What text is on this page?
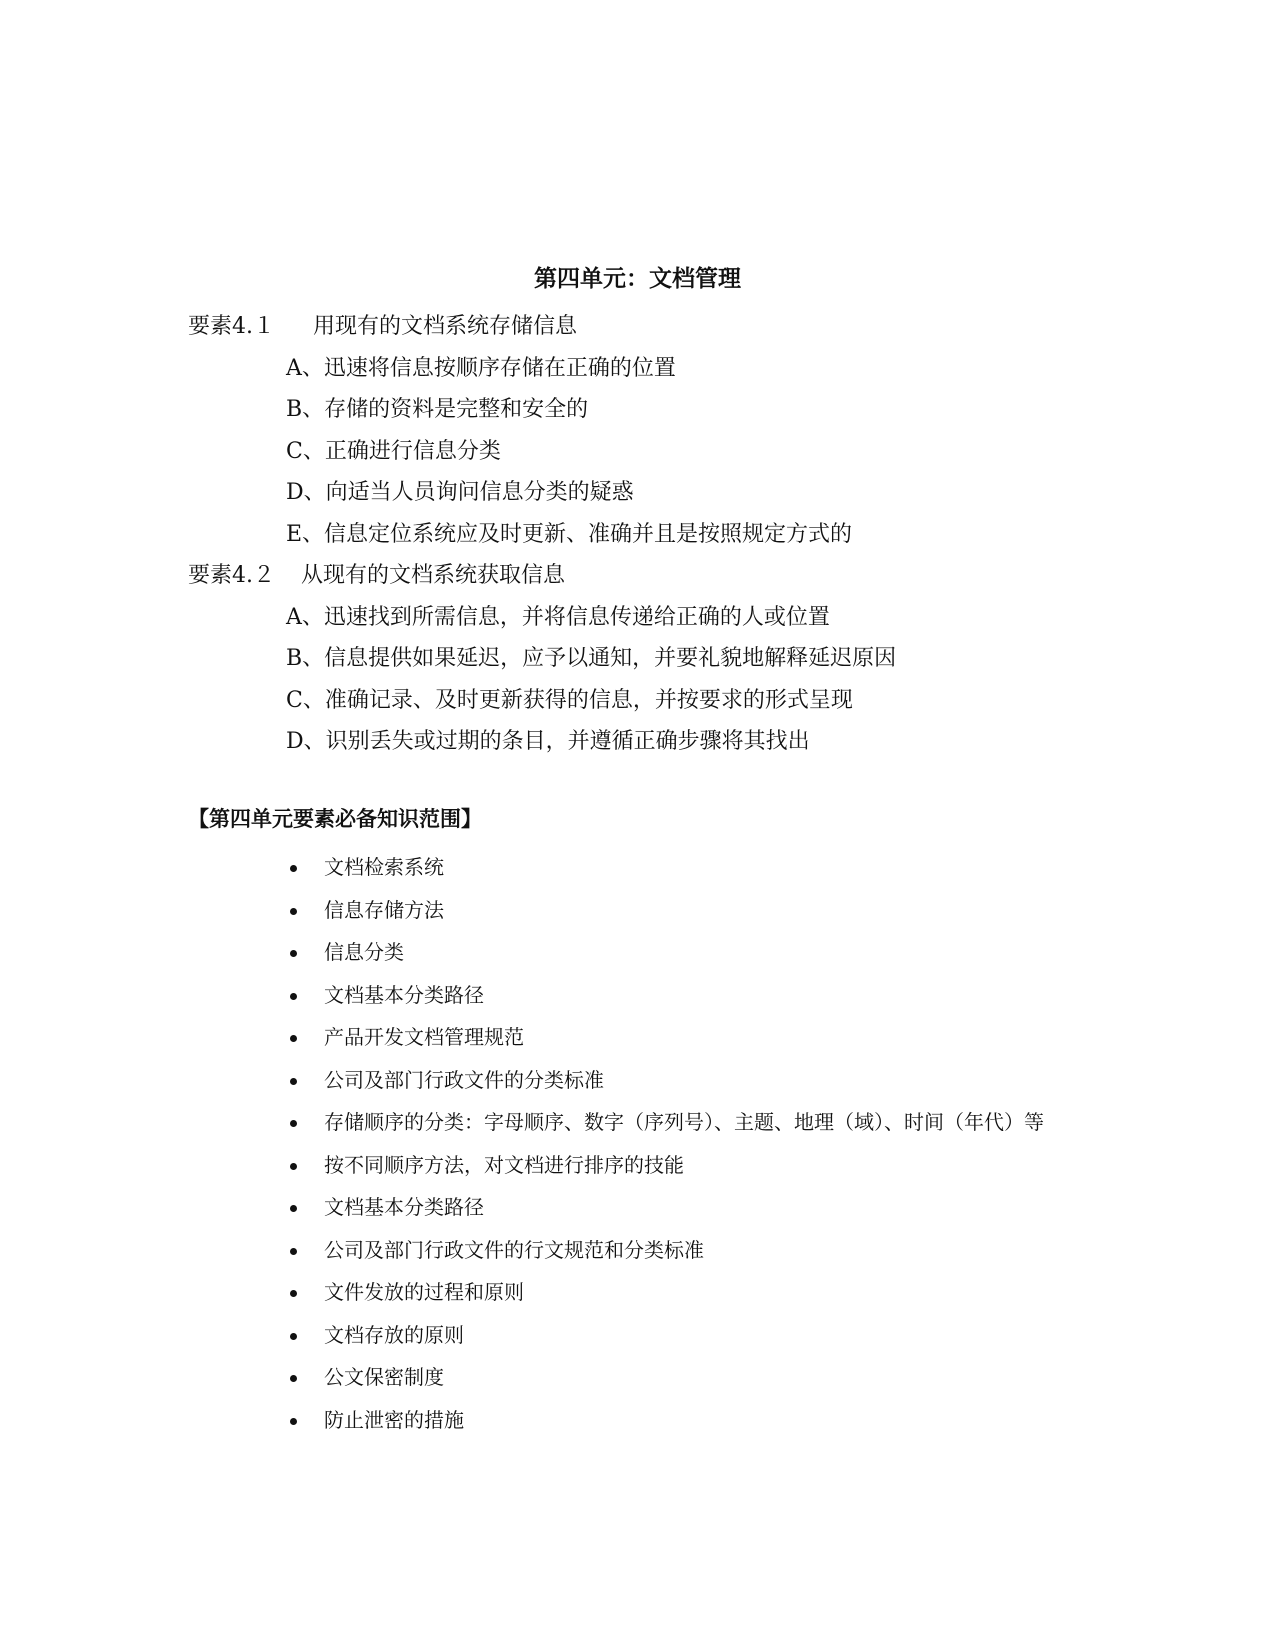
第四单元：文档管理
要素4.１ 用现有的文档系统存储信息
A、迅速将信息按顺序存储在正确的位置
B、存储的资料是完整和安全的
C、正确进行信息分类
D、向适当人员询问信息分类的疑惑
E、信息定位系统应及时更新、准确并且是按照规定方式的
要素4.２ 从现有的文档系统获取信息
A、迅速找到所需信息，并将信息传递给正确的人或位置
B、信息提供如果延迟，应予以通知，并要礼貌地解释延迟原因
C、准确记录、及时更新获得的信息，并按要求的形式呈现
D、识别丢失或过期的条目，并遵循正确步骤将其找出
【第四单元要素必备知识范围】
文档检索系统
信息存储方法
信息分类
文档基本分类路径
产品开发文档管理规范
公司及部门行政文件的分类标准
存储顺序的分类：字母顺序、数字（序列号）、主题、地理（域）、时间（年代）等
按不同顺序方法，对文档进行排序的技能
文档基本分类路径
公司及部门行政文件的行文规范和分类标准
文件发放的过程和原则
文档存放的原则
公文保密制度
防止泄密的措施
